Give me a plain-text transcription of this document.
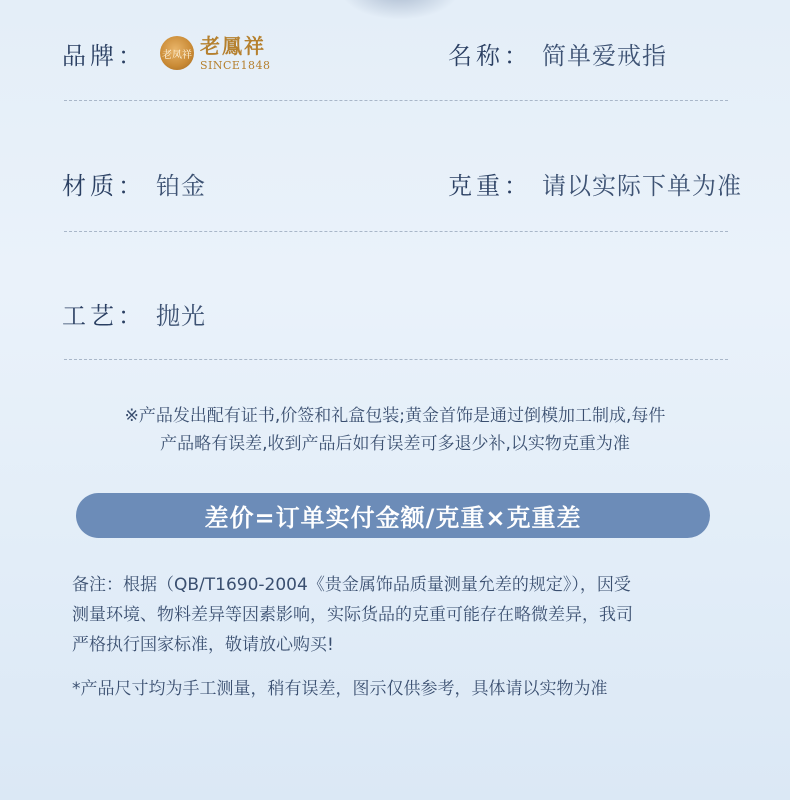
品牌： 老凤祥 老鳳祥
SINCE1848	名称： 简单爱戒指
材质： 铂金	克重： 请以实际下单为准
工艺： 抛光
※产品发出配有证书,价签和礼盒包装;黄金首饰是通过倒模加工制成,每件
产品略有误差,收到产品后如有误差可多退少补,以实物克重为准
差价=订单实付金额/克重×克重差
备注：根据（QB/T1690-2004《贵金属饰品质量测量允差的规定》），因受
测量环境、物料差异等因素影响，实际货品的克重可能存在略微差异，我司
严格执行国家标准，敬请放心购买!
*产品尺寸均为手工测量，稍有误差，图示仅供参考，具体请以实物为准
